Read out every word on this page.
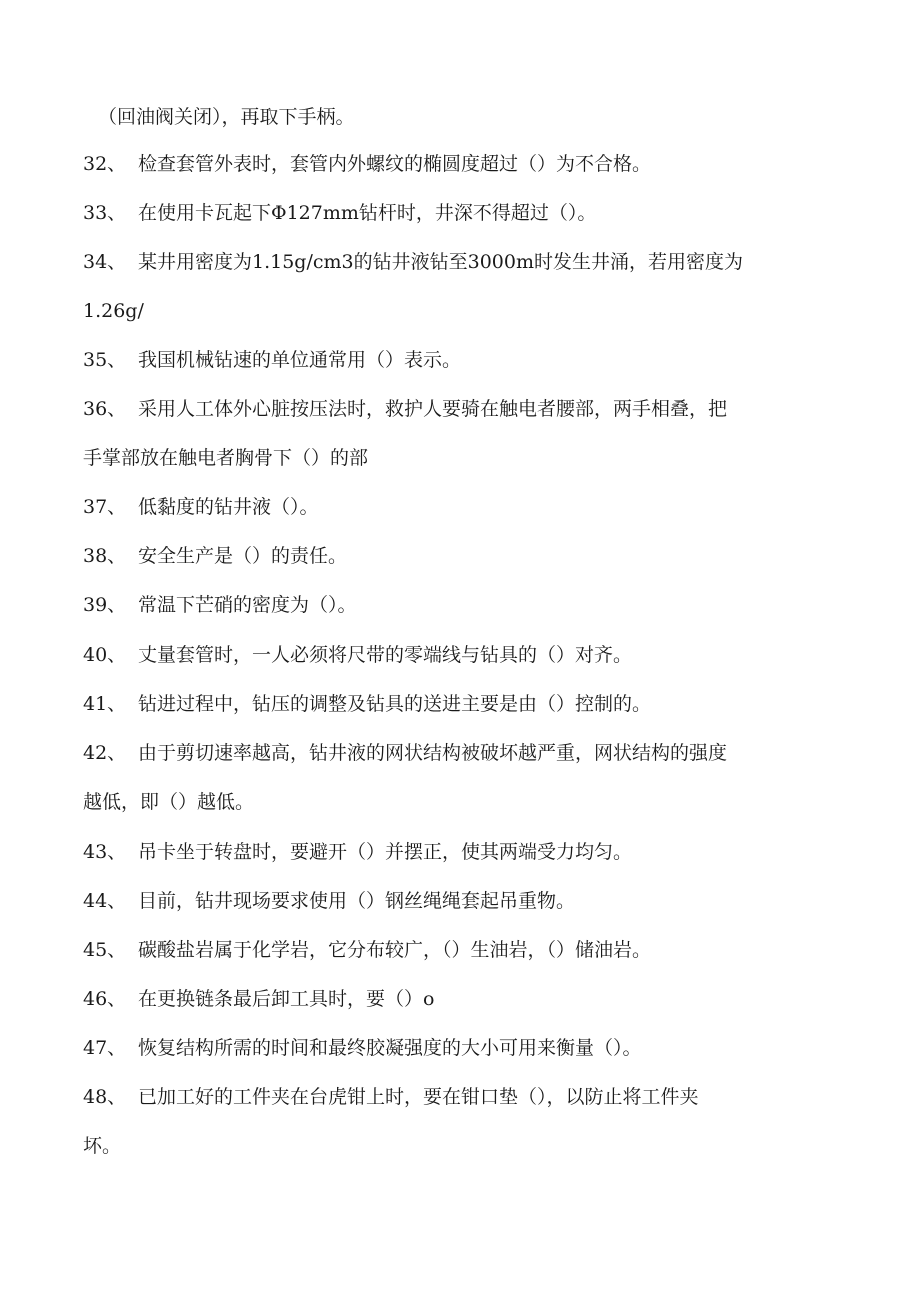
（回油阀关闭），再取下手柄。
32、 检查套管外表时，套管内外螺纹的椭圆度超过（）为不合格。
33、 在使用卡瓦起下Φ127mm钻杆时，井深不得超过（）。
34、 某井用密度为1.15g∕cm3的钻井液钻至3000m时发生井涌，若用密度为
1.26g∕
35、 我国机械钻速的单位通常用（）表示。
36、 采用人工体外心脏按压法时，救护人要骑在触电者腰部，两手相叠，把
手掌部放在触电者胸骨下（）的部
37、 低黏度的钻井液（）。
38、 安全生产是（）的责任。
39、 常温下芒硝的密度为（）。
40、 丈量套管时，一人必须将尺带的零端线与钻具的（）对齐。
41、 钻进过程中，钻压的调整及钻具的送进主要是由（）控制的。
42、 由于剪切速率越高，钻井液的网状结构被破坏越严重，网状结构的强度
越低，即（）越低。
43、 吊卡坐于转盘时，要避开（）并摆正，使其两端受力均匀。
44、 目前，钻井现场要求使用（）钢丝绳绳套起吊重物。
45、 碳酸盐岩属于化学岩，它分布较广，（）生油岩，（）储油岩。
46、 在更换链条最后卸工具时，要（）o
47、 恢复结构所需的时间和最终胶凝强度的大小可用来衡量（）。
48、 已加工好的工件夹在台虎钳上时，要在钳口垫（），以防止将工件夹
坏。
